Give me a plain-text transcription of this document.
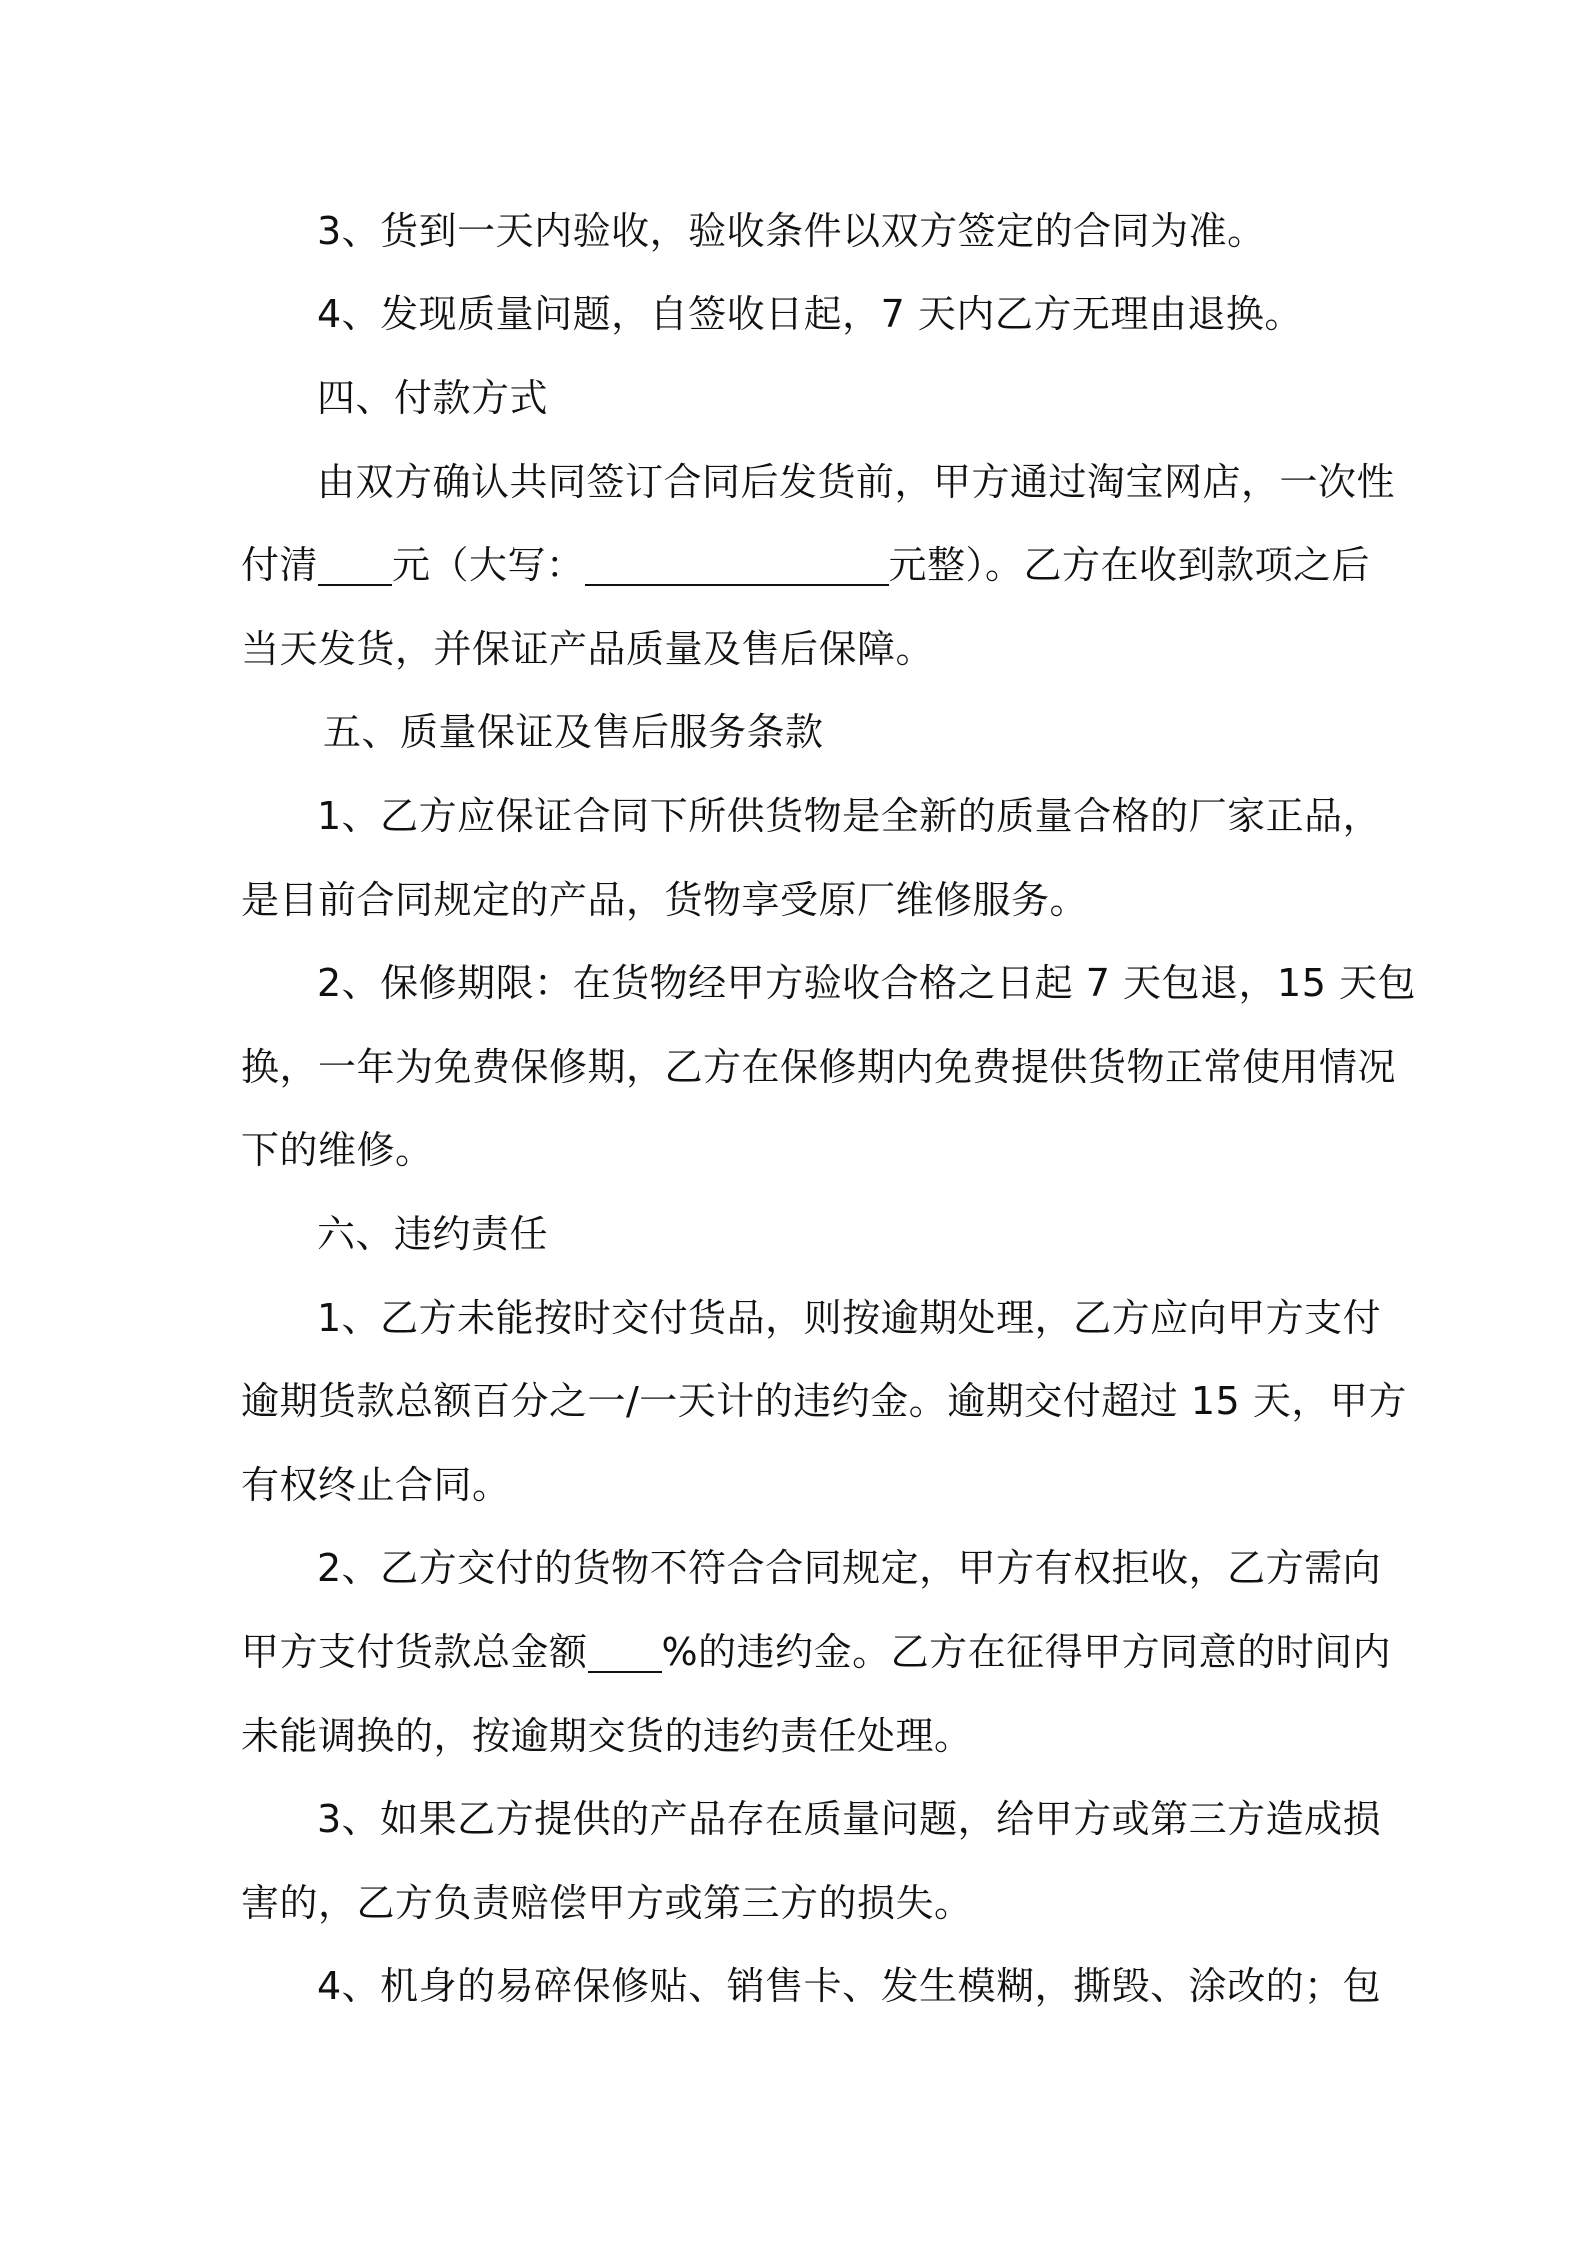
3、货到一天内验收，验收条件以双方签定的合同为准。
4、发现质量问题，自签收日起，7 天内乙方无理由退换。
四、付款方式
由双方确认共同签订合同后发货前，甲方通过淘宝网店，一次性
付清 元（大写：	元整）。乙方在收到款项之后
当天发货，并保证产品质量及售后保障。
五、质量保证及售后服务条款
1、乙方应保证合同下所供货物是全新的质量合格的厂家正品，
是目前合同规定的产品，货物享受原厂维修服务。
2、保修期限：在货物经甲方验收合格之日起 7 天包退，15 天包
换，一年为免费保修期，乙方在保修期内免费提供货物正常使用情况
下的维修。
六、违约责任
1、乙方未能按时交付货品，则按逾期处理，乙方应向甲方支付
逾期货款总额百分之一/一天计的违约金。逾期交付超过 15 天，甲方
有权终止合同。
2、乙方交付的货物不符合合同规定，甲方有权拒收，乙方需向
甲方支付货款总金额 %的违约金。乙方在征得甲方同意的时间内
未能调换的，按逾期交货的违约责任处理。
3、如果乙方提供的产品存在质量问题，给甲方或第三方造成损
害的，乙方负责赔偿甲方或第三方的损失。
4、机身的易碎保修贴、销售卡、发生模糊，撕毁、涂改的；包
